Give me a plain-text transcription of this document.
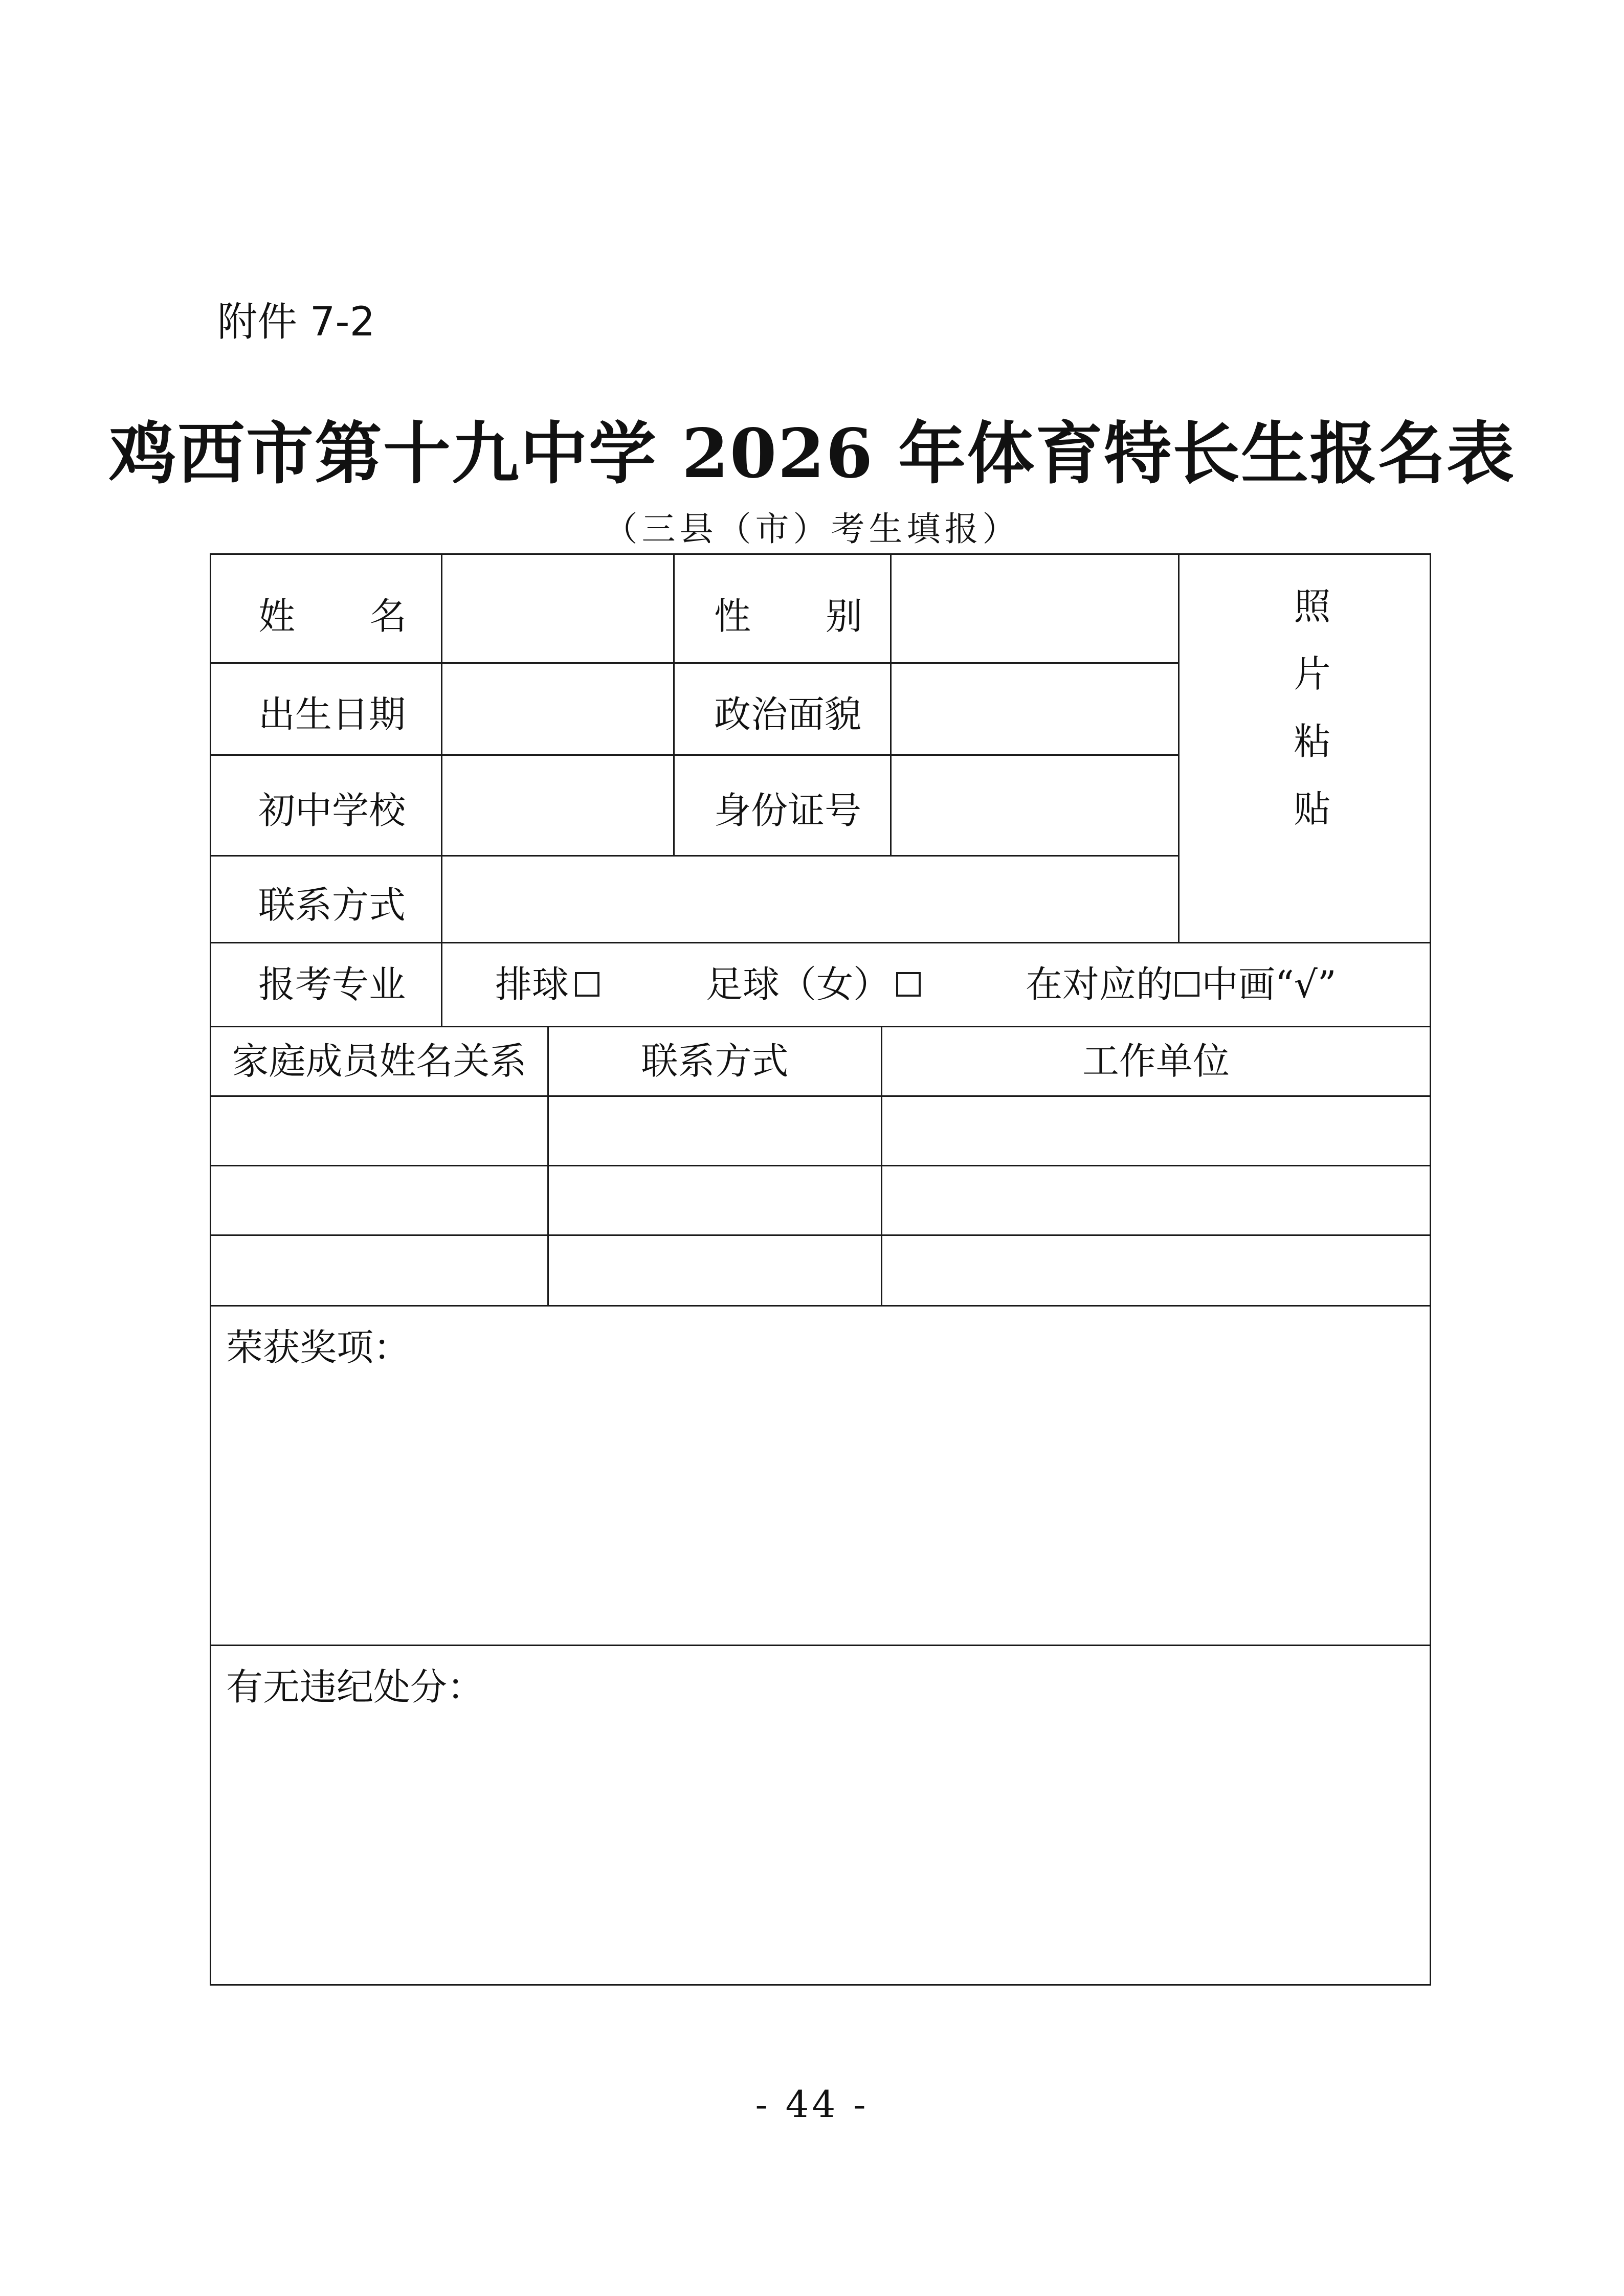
附件 7-2
鸡西市第十九中学 2026 年体育特长生报名表
（三县（市）考生填报）
姓 名	性 别	照
片
粘
贴
出生日期	政治面貌
初中学校	身份证号
联系方式
报考专业 排球	足球（女）	在对应的 中画“√”
家庭成员姓名关系	联系方式	工作单位
荣获奖项：
有无违纪处分：
- 44 -
